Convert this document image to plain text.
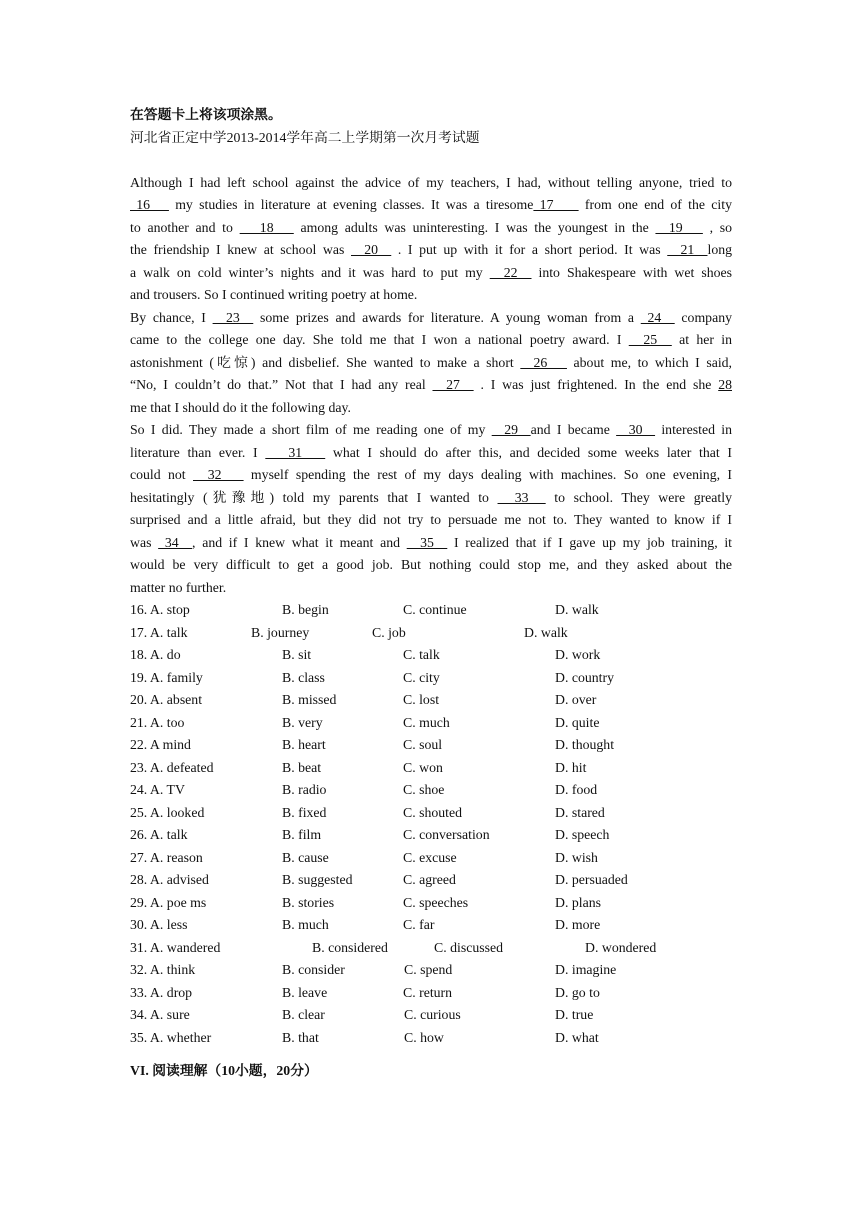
在答题卡上将该项涂黑。
河北省正定中学2013-2014学年高二上学期第一次月考试题
Although I had left school against the advice of my teachers, I had, without telling anyone, tried to
16    my studies in literature at evening classes. It was a tiresome 17     from one end of the city
to another and to    18    among adults was uninteresting. I was the youngest in the   19    , so
the friendship I knew at school was   20   . I put up with it for a short period. It was   21  long
a walk on cold winter’s nights and it was hard to put my   22   into Shakespeare with wet shoes
and trousers. So I continued writing poetry at home.
By chance, I   23   some prizes and awards for literature. A young woman from a  24   company
came to the college one day. She told me that I won a national poetry award. I   25   at her in
astonishment (吃惊) and disbelief. She wanted to make a short   26    about me, to which I said,
“No, I couldn’t do that.” Not that I had any real   27   . I was just frightened. In the end she 28
me that I should do it the following day.
So I did. They made a short film of me reading one of my   29  and I became   30   interested in
literature than ever. I    31    what I should do after this, and decided some weeks later that I
could not   32    myself spending the rest of my days dealing with machines. So one evening, I
hesitatingly (犹豫地) told my parents that I wanted to   33   to school. They were greatly
surprised and a little afraid, but they did not try to persuade me not to. They wanted to know if I
was  34  , and if I knew what it meant and   35   I realized that if I gave up my job training, it
would be very difficult to get a good job. But nothing could stop me, and they asked about the
matter no further.
16. A. stop	B. begin	C. continue	D. walk
17. A. talk	B. journey	C. job	D. walk
18. A. do	B. sit	C. talk	D. work
19. A. family	B. class	C. city	D. country
20. A. absent	B. missed	C. lost	D. over
21. A. too	B. very	C. much	D. quite
22. A mind	B. heart	C. soul	D. thought
23. A. defeated	B. beat	C. won	D. hit
24. A. TV	B. radio	C. shoe	D. food
25. A. looked	B. fixed	C. shouted	D. stared
26. A. talk	B. film	C. conversation	D. speech
27. A. reason	B. cause	C. excuse	D. wish
28. A. advised	B. suggested	C. agreed	D. persuaded
29. A. poe ms	B. stories	C. speeches	D. plans
30. A. less	B. much	C. far	D. more
31. A. wandered	B. considered	C. discussed	D. wondered
32. A. think	B. consider	C. spend	D. imagine
33. A. drop	B. leave	C. return	D. go to
34. A. sure	B. clear	C. curious	D. true
35. A. whether	B. that	C. how	D. what
VI. 阅读理解（10小题，20分）
